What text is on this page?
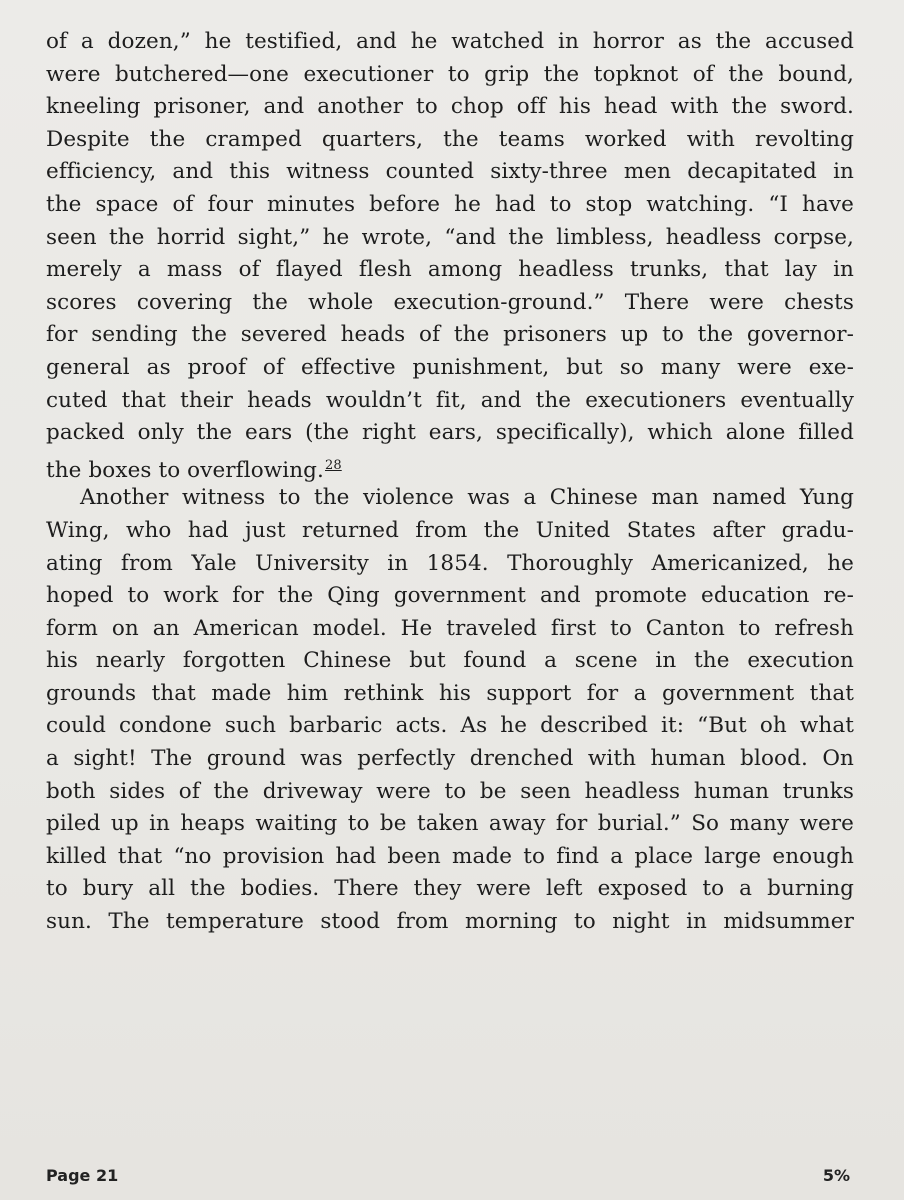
of a dozen,” he testified, and he watched in horror as the accused
were butchered—one executioner to grip the topknot of the bound,
kneeling prisoner, and another to chop off his head with the sword.
Despite the cramped quarters, the teams worked with revolting
efficiency, and this witness counted sixty-three men decapitated in
the space of four minutes before he had to stop watching. “I have
seen the horrid sight,” he wrote, “and the limbless, headless corpse,
merely a mass of flayed flesh among headless trunks, that lay in
scores covering the whole execution-ground.” There were chests
for sending the severed heads of the prisoners up to the governor-
general as proof of effective punishment, but so many were exe-
cuted that their heads wouldn’t fit, and the executioners eventually
packed only the ears (the right ears, specifically), which alone filled
the boxes to overflowing.$^{28}$
Another witness to the violence was a Chinese man named Yung
Wing, who had just returned from the United States after gradu-
ating from Yale University in 1854. Thoroughly Americanized, he
hoped to work for the Qing government and promote education re-
form on an American model. He traveled first to Canton to refresh
his nearly forgotten Chinese but found a scene in the execution
grounds that made him rethink his support for a government that
could condone such barbaric acts. As he described it: “But oh what
a sight! The ground was perfectly drenched with human blood. On
both sides of the driveway were to be seen headless human trunks
piled up in heaps waiting to be taken away for burial.” So many were
killed that “no provision had been made to find a place large enough
to bury all the bodies. There they were left exposed to a burning
sun. The temperature stood from morning to night in midsummer
Page 21	5%
